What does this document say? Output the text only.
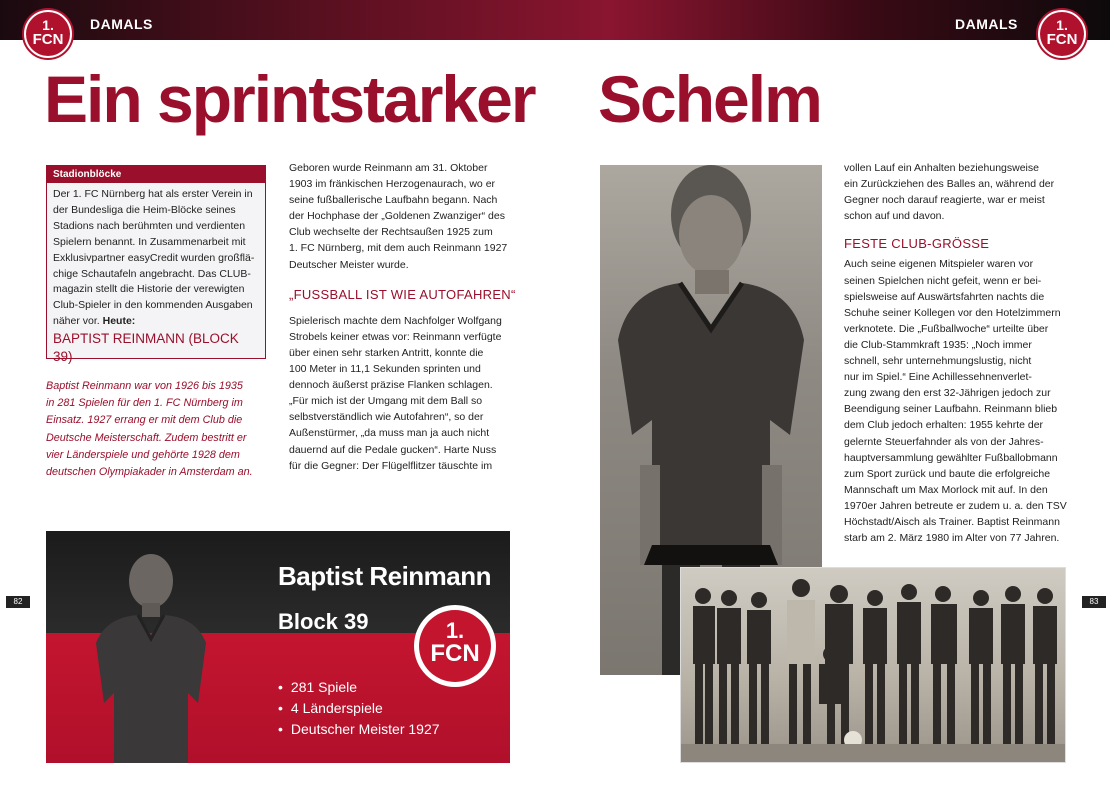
DAMALS	DAMALS
1.
FCN
1.
FCN
Ein sprintstarker Schelm
Stadionblöcke
Der 1. FC Nürnberg hat als erster Verein in
der Bundesliga die Heim-Blöcke seines
Stadions nach berühmten und verdienten
Spielern benannt. In Zusammenarbeit mit
Exklusivpartner easyCredit wurden großflä-
chige Schautafeln angebracht. Das CLUB-
magazin stellt die Historie der verewigten
Club-Spieler in den kommenden Ausgaben
näher vor. Heute:
BAPTIST REINMANN (BLOCK 39)
Baptist Reinmann war von 1926 bis 1935
in 281 Spielen für den 1. FC Nürnberg im
Einsatz. 1927 errang er mit dem Club die
Deutsche Meisterschaft. Zudem bestritt er
vier Länderspiele und gehörte 1928 dem
deutschen Olympiakader in Amsterdam an.
Geboren wurde Reinmann am 31. Oktober
1903 im fränkischen Herzogenaurach, wo er
seine fußballerische Laufbahn begann. Nach
der Hochphase der „Goldenen Zwanziger“ des
Club wechselte der Rechtsaußen 1925 zum
1. FC Nürnberg, mit dem auch Reinmann 1927
Deutscher Meister wurde.
„FUSSBALL IST WIE AUTOFAHREN“
Spielerisch machte dem Nachfolger Wolfgang
Strobels keiner etwas vor: Reinmann verfügte
über einen sehr starken Antritt, konnte die
100 Meter in 11,1 Sekunden sprinten und
dennoch äußerst präzise Flanken schlagen.
„Für mich ist der Umgang mit dem Ball so
selbstverständlich wie Autofahren“, so der
Außenstürmer, „da muss man ja auch nicht
dauernd auf die Pedale gucken“. Harte Nuss
für die Gegner: Der Flügelflitzer täuschte im
vollen Lauf ein Anhalten beziehungsweise
ein Zurückziehen des Balles an, während der
Gegner noch darauf reagierte, war er meist
schon auf und davon.
FESTE CLUB-GRÖSSE
Auch seine eigenen Mitspieler waren vor
seinen Spielchen nicht gefeit, wenn er bei-
spielsweise auf Auswärtsfahrten nachts die
Schuhe seiner Kollegen vor den Hotelzimmern
verknotete. Die „Fußballwoche“ urteilte über
die Club-Stammkraft 1935: „Noch immer
schnell, sehr unternehmungslustig, nicht
nur im Spiel.“ Eine Achillessehnenverlet-
zung zwang den erst 32-Jährigen jedoch zur
Beendigung seiner Laufbahn. Reinmann blieb
dem Club jedoch erhalten: 1955 kehrte der
gelernte Steuerfahnder als von der Jahres-
hauptversammlung gewählter Fußballobmann
zum Sport zurück und baute die erfolgreiche
Mannschaft um Max Morlock mit auf. In den
1970er Jahren betreute er zudem u. a. den TSV
Höchstadt/Aisch als Trainer. Baptist Reinmann
starb am 2. März 1980 im Alter von 77 Jahren.
82	83
Baptist Reinmann
Block 39	1.
FCN
• 281 Spiele
• 4 Länderspiele
• Deutscher Meister 1927
